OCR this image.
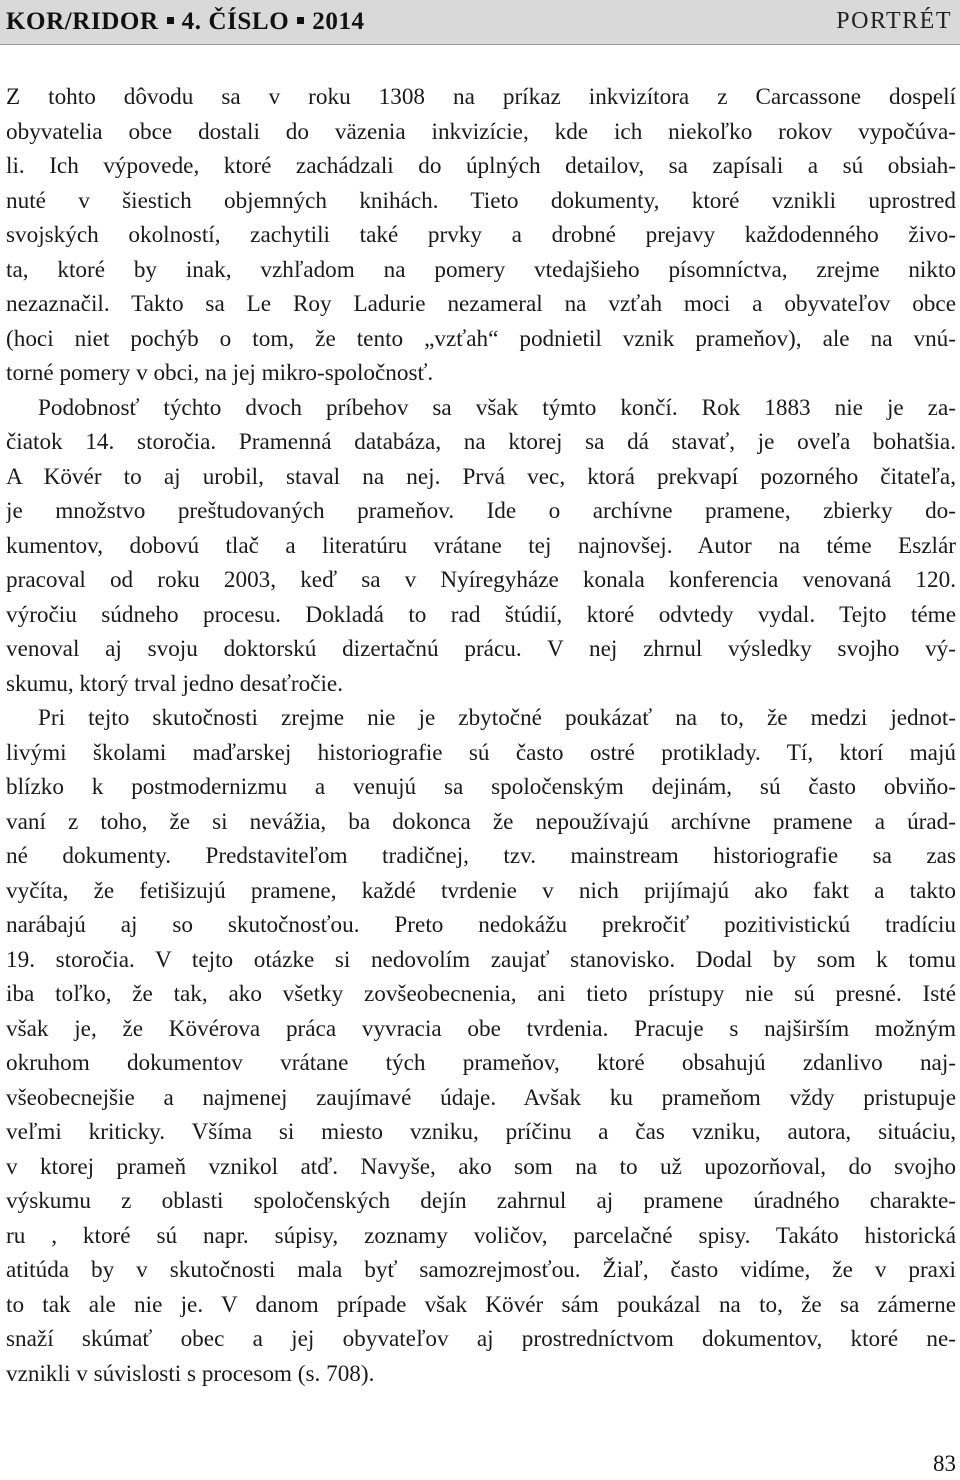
KOR/RIDOR 4. ČÍSLO 2014	PORTRÉT

Z tohto dôvodu sa v roku 1308 na príkaz inkvizítora z Carcassone dospelí
obyvatelia obce dostali do väzenia inkvizície, kde ich niekoľko rokov vypočúva-
li. Ich výpovede, ktoré zachádzali do úplných detailov, sa zapísali a sú obsiah-
nuté v šiestich objemných knihách. Tieto dokumenty, ktoré vznikli uprostred
svojských okolností, zachytili také prvky a drobné prejavy každodenného živo-
ta, ktoré by inak, vzhľadom na pomery vtedajšieho písomníctva, zrejme nikto
nezaznačil. Takto sa Le Roy Ladurie nezameral na vzťah moci a obyvateľov obce
(hoci niet pochýb o tom, že tento „vzťah“ podnietil vznik prameňov), ale na vnú-
torné pomery v obci, na jej mikro-spoločnosť.

Podobnosť týchto dvoch príbehov sa však týmto končí. Rok 1883 nie je za-
čiatok 14. storočia. Pramenná databáza, na ktorej sa dá stavať, je oveľa bohatšia.
A Kövér to aj urobil, staval na nej. Prvá vec, ktorá prekvapí pozorného čitateľa,
je množstvo preštudovaných prameňov. Ide o archívne pramene, zbierky do-
kumentov, dobovú tlač a literatúru vrátane tej najnovšej. Autor na téme Eszlár
pracoval od roku 2003, keď sa v Nyíregyháze konala konferencia venovaná 120.
výročiu súdneho procesu. Dokladá to rad štúdií, ktoré odvtedy vydal. Tejto téme
venoval aj svoju doktorskú dizertačnú prácu. V nej zhrnul výsledky svojho vý-
skumu, ktorý trval jedno desaťročie.

Pri tejto skutočnosti zrejme nie je zbytočné poukázať na to, že medzi jednot-
livými školami maďarskej historiografie sú často ostré protiklady. Tí, ktorí majú
blízko k postmodernizmu a venujú sa spoločenským dejinám, sú často obviňo-
vaní z toho, že si nevážia, ba dokonca že nepoužívajú archívne pramene a úrad-
né dokumenty. Predstaviteľom tradičnej, tzv. mainstream historiografie sa zas
vyčíta, že fetišizujú pramene, každé tvrdenie v nich prijímajú ako fakt a takto
narábajú aj so skutočnosťou. Preto nedokážu prekročiť pozitivistickú tradíciu
19. storočia. V tejto otázke si nedovolím zaujať stanovisko. Dodal by som k tomu
iba toľko, že tak, ako všetky zovšeobecnenia, ani tieto prístupy nie sú presné. Isté
však je, že Kövérova práca vyvracia obe tvrdenia. Pracuje s najširším možným
okruhom dokumentov vrátane tých prameňov, ktoré obsahujú zdanlivo naj-
všeobecnejšie a najmenej zaujímavé údaje. Avšak ku prameňom vždy pristupuje
veľmi kriticky. Všíma si miesto vzniku, príčinu a čas vzniku, autora, situáciu,
v ktorej prameň vznikol atď. Navyše, ako som na to už upozorňoval, do svojho
výskumu z oblasti spoločenských dejín zahrnul aj pramene úradného charakte-
ru , ktoré sú napr. súpisy, zoznamy voličov, parcelačné spisy. Takáto historická
atitúda by v skutočnosti mala byť samozrejmosťou. Žiaľ, často vidíme, že v praxi
to tak ale nie je. V danom prípade však Kövér sám poukázal na to, že sa zámerne
snaží skúmať obec a jej obyvateľov aj prostredníctvom dokumentov, ktoré ne-
vznikli v súvislosti s procesom (s. 708).

83
